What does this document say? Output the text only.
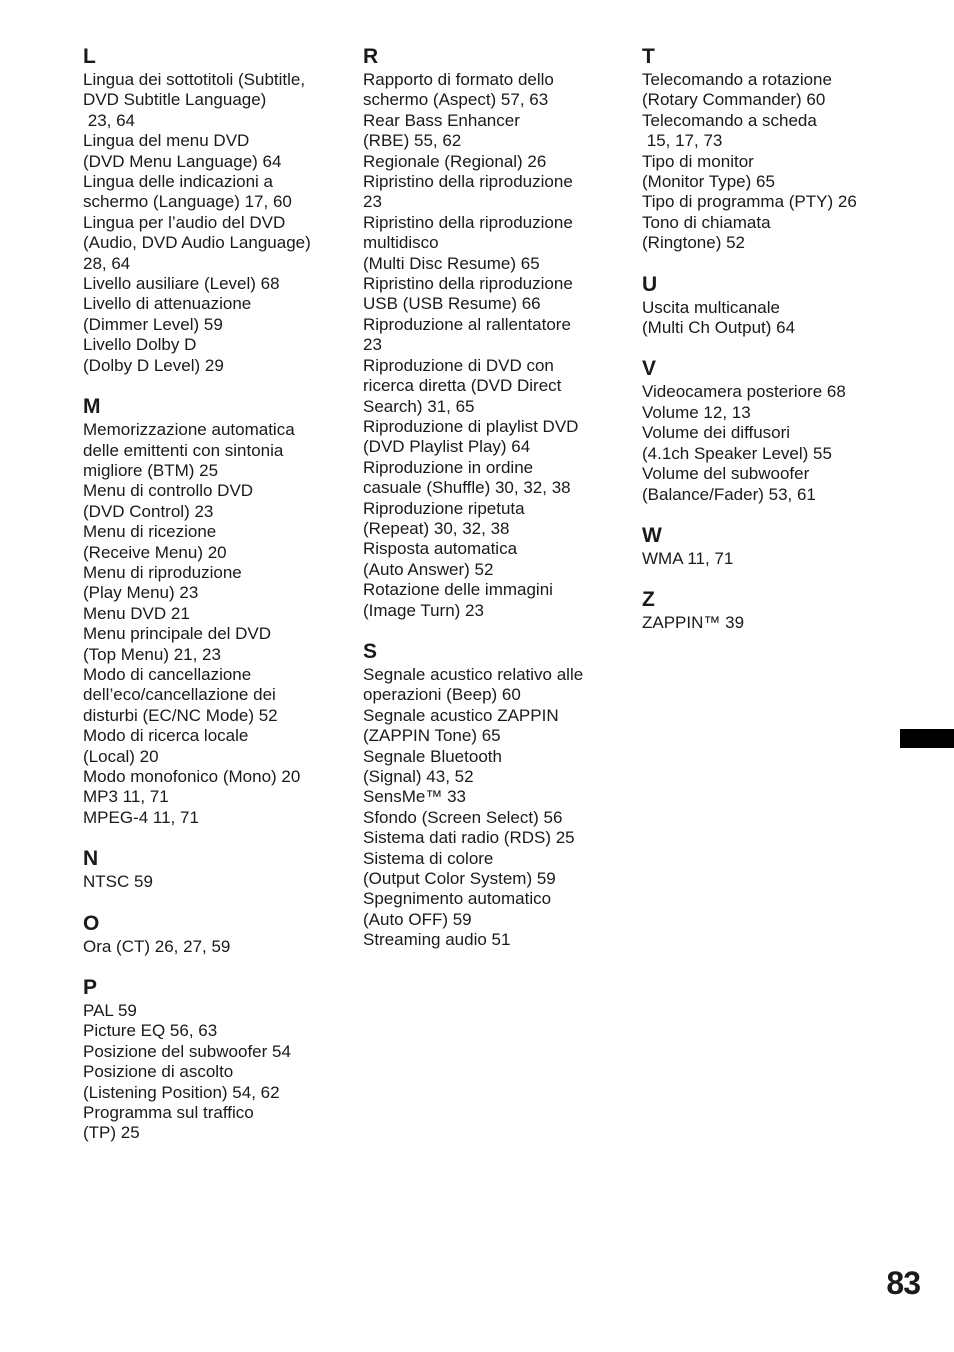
L
Lingua dei sottotitoli (Subtitle,
DVD Subtitle Language)
23, 64
Lingua del menu DVD
(DVD Menu Language) 64
Lingua delle indicazioni a
schermo (Language) 17, 60
Lingua per l’audio del DVD
(Audio, DVD Audio Language)
28, 64
Livello ausiliare (Level) 68
Livello di attenuazione
(Dimmer Level) 59
Livello Dolby D
(Dolby D Level) 29
M
Memorizzazione automatica
delle emittenti con sintonia
migliore (BTM) 25
Menu di controllo DVD
(DVD Control) 23
Menu di ricezione
(Receive Menu) 20
Menu di riproduzione
(Play Menu) 23
Menu DVD 21
Menu principale del DVD
(Top Menu) 21, 23
Modo di cancellazione
dell’eco/cancellazione dei
disturbi (EC/NC Mode) 52
Modo di ricerca locale
(Local) 20
Modo monofonico (Mono) 20
MP3 11, 71
MPEG-4 11, 71
N
NTSC 59
O
Ora (CT) 26, 27, 59
P
PAL 59
Picture EQ 56, 63
Posizione del subwoofer 54
Posizione di ascolto
(Listening Position) 54, 62
Programma sul traffico
(TP) 25
R
Rapporto di formato dello
schermo (Aspect) 57, 63
Rear Bass Enhancer
(RBE) 55, 62
Regionale (Regional) 26
Ripristino della riproduzione
23
Ripristino della riproduzione
multidisco
(Multi Disc Resume) 65
Ripristino della riproduzione
USB (USB Resume) 66
Riproduzione al rallentatore
23
Riproduzione di DVD con
ricerca diretta (DVD Direct
Search) 31, 65
Riproduzione di playlist DVD
(DVD Playlist Play) 64
Riproduzione in ordine
casuale (Shuffle) 30, 32, 38
Riproduzione ripetuta
(Repeat) 30, 32, 38
Risposta automatica
(Auto Answer) 52
Rotazione delle immagini
(Image Turn) 23
S
Segnale acustico relativo alle
operazioni (Beep) 60
Segnale acustico ZAPPIN
(ZAPPIN Tone) 65
Segnale Bluetooth
(Signal) 43, 52
SensMe™ 33
Sfondo (Screen Select) 56
Sistema dati radio (RDS) 25
Sistema di colore
(Output Color System) 59
Spegnimento automatico
(Auto OFF) 59
Streaming audio 51
T
Telecomando a rotazione
(Rotary Commander) 60
Telecomando a scheda
15, 17, 73
Tipo di monitor
(Monitor Type) 65
Tipo di programma (PTY) 26
Tono di chiamata
(Ringtone) 52
U
Uscita multicanale
(Multi Ch Output) 64
V
Videocamera posteriore 68
Volume 12, 13
Volume dei diffusori
(4.1ch Speaker Level) 55
Volume del subwoofer
(Balance/Fader) 53, 61
W
WMA 11, 71
Z
ZAPPIN™ 39
83
